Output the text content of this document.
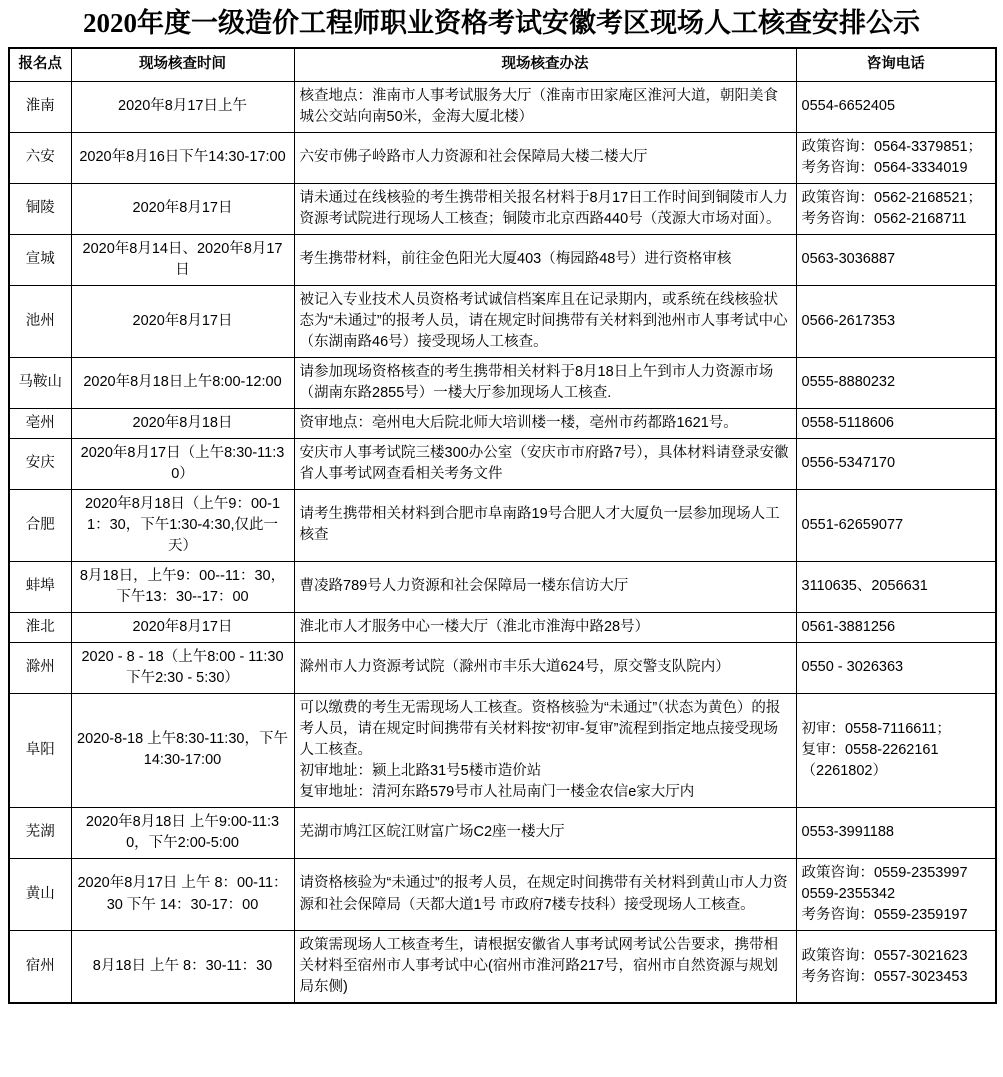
2020年度一级造价工程师职业资格考试安徽考区现场人工核查安排公示
报名点	现场核查时间	现场核查办法	咨询电话
淮南	2020年8月17日上午	核查地点：淮南市人事考试服务大厅（淮南市田家庵区淮河大道，朝阳美食城公交站向南50米，金海大厦北楼）	0554-6652405

六安	2020年8月16日下午14:30-17:00	六安市佛子岭路市人力资源和社会保障局大楼二楼大厅	政策咨询：0564-3379851；
考务咨询：0564-3334019

铜陵	2020年8月17日	请未通过在线核验的考生携带相关报名材料于8月17日工作时间到铜陵市人力资源考试院进行现场人工核查；铜陵市北京西路440号（茂源大市场对面）。	政策咨询：0562-2168521；
考务咨询：0562-2168711

宣城	2020年8月14日、2020年8月17日	考生携带材料，前往金色阳光大厦403（梅园路48号）进行资格审核	0563-3036887

池州	2020年8月17日	被记入专业技术人员资格考试诚信档案库且在记录期内，或系统在线核验状态为“未通过”的报考人员，请在规定时间携带有关材料到池州市人事考试中心（东湖南路46号）接受现场人工核查。	0566-2617353

马鞍山	2020年8月18日上午8:00-12:00	请参加现场资格核查的考生携带相关材料于8月18日上午到市人力资源市场（湖南东路2855号）一楼大厅参加现场人工核查.	0555-8880232

亳州	2020年8月18日	资审地点：亳州电大后院北师大培训楼一楼，亳州市药都路1621号。	0558-5118606

安庆	2020年8月17日（上午8:30-11:30）	安庆市人事考试院三楼300办公室（安庆市市府路7号），具体材料请登录安徽省人事考试网查看相关考务文件	0556-5347170

合肥	2020年8月18日（上午9：00-11：30，下午1:30-4:30,仅此一天）	请考生携带相关材料到合肥市阜南路19号合肥人才大厦负一层参加现场人工核查	0551-62659077

蚌埠	8月18日，上午9：00--11：30，下午13：30--17：00	曹凌路789号人力资源和社会保障局一楼东信访大厅	3110635、2056631

淮北	2020年8月17日	淮北市人才服务中心一楼大厅（淮北市淮海中路28号）	0561-3881256

滁州	2020 - 8 - 18（上午8:00 - 11:30 下午2:30 - 5:30）	滁州市人力资源考试院（滁州市丰乐大道624号，原交警支队院内）	0550 - 3026363

阜阳	2020-8-18 上午8:30-11:30，下午14:30-17:00	可以缴费的考生无需现场人工核查。资格核验为“未通过”（状态为黄色）的报考人员，请在规定时间携带有关材料按“初审-复审”流程到指定地点接受现场人工核查。
初审地址：颍上北路31号5楼市造价站
复审地址：清河东路579号市人社局南门一楼金农信e家大厅内	初审：0558-7116611；
复审：0558-2262161
（2261802）

芜湖	2020年8月18日 上午9:00-11:30，下午2:00-5:00	芜湖市鸠江区皖江财富广场C2座一楼大厅	0553-3991188

黄山	2020年8月17日 上午 8：00-11：30 下午 14：30-17：00	请资格核验为“未通过”的报考人员，在规定时间携带有关材料到黄山市人力资源和社会保障局（天都大道1号 市政府7楼专技科）接受现场人工核查。	政策咨询：0559-2353997
0559-2355342
考务咨询：0559-2359197

宿州	8月18日 上午 8：30-11：30	政策需现场人工核查考生，请根据安徽省人事考试网考试公告要求，携带相关材料至宿州市人事考试中心(宿州市淮河路217号，宿州市自然资源与规划局东侧)	政策咨询：0557-3021623
考务咨询：0557-3023453
